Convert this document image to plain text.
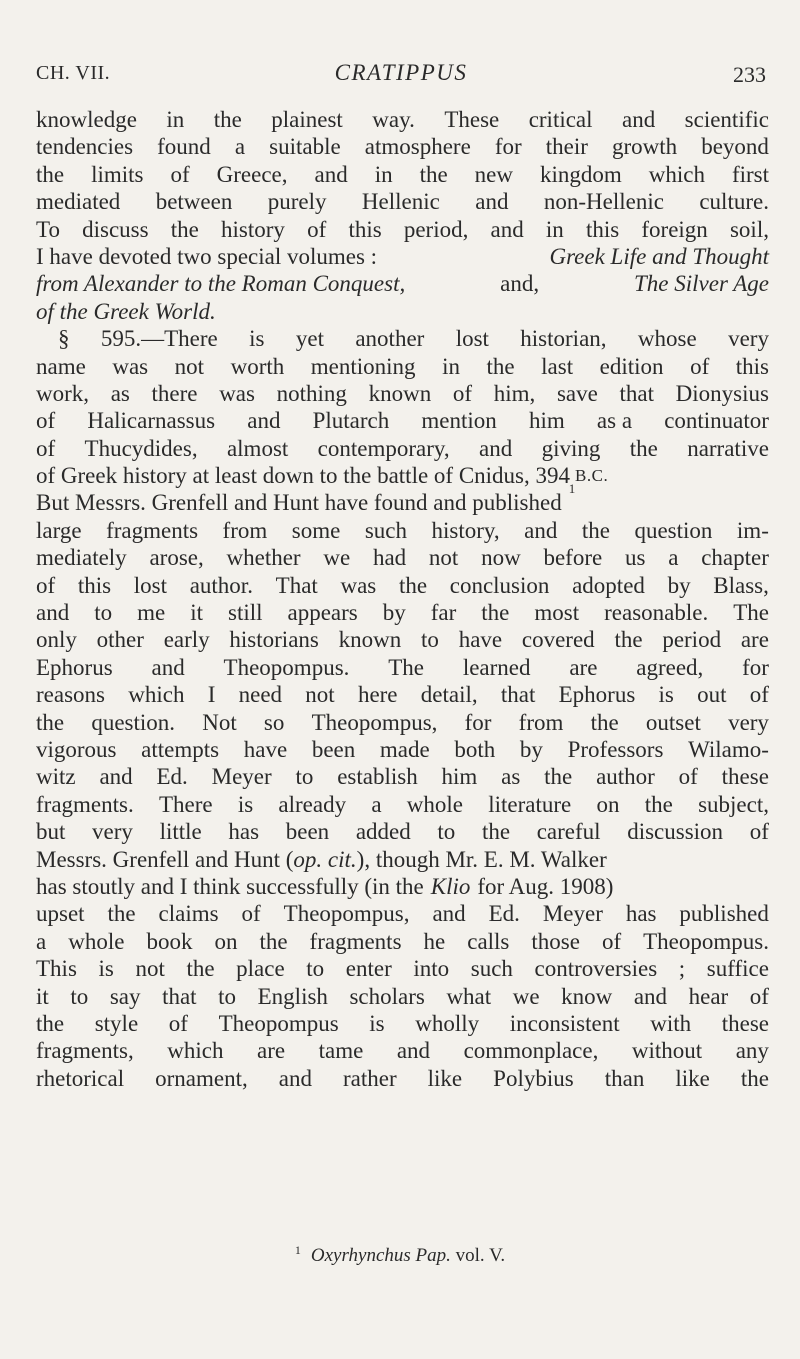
CH. VII.	CRATIPPUS	233
knowledge in the plainest way. These critical and scientific
tendencies found a suitable atmosphere for their growth beyond
the limits of Greece, and in the new kingdom which first
mediated between purely Hellenic and non-Hellenic culture.
To discuss the history of this period, and in this foreign soil,
I have devoted two special volumes :	Greek Life and Thought
from Alexander to the Roman Conquest,	and,	The Silver Age
of the Greek World.
§ 595.—There is yet another lost historian, whose very
name was not worth mentioning in the last edition of this
work, as there was nothing known of him, save that Dionysius
of Halicarnassus and Plutarch mention him as a continuator
of Thucydides, almost contemporary, and giving the narrative
of Greek history at least down to the battle of Cnidus, 394 B.C.
But Messrs. Grenfell and Hunt have found and published
1
large fragments from some such history, and the question im-
mediately arose, whether we had not now before us a chapter
of this lost author. That was the conclusion adopted by Blass,
and to me it still appears by far the most reasonable. The
only other early historians known to have covered the period are
Ephorus and Theopompus. The learned are agreed, for
reasons which I need not here detail, that Ephorus is out of
the question. Not so Theopompus, for from the outset very
vigorous attempts have been made both by Professors Wilamo-
witz and Ed. Meyer to establish him as the author of these
fragments. There is already a whole literature on the subject,
but very little has been added to the careful discussion of
Messrs. Grenfell and Hunt ( op. cit. ), though Mr. E. M. Walker
has stoutly and I think successfully (in the Klio for Aug. 1908)
upset the claims of Theopompus, and Ed. Meyer has published
a whole book on the fragments he calls those of Theopompus.
This is not the place to enter into such controversies ; suffice
it to say that to English scholars what we know and hear of
the style of Theopompus is wholly inconsistent with these
fragments, which are tame and commonplace, without any
rhetorical ornament, and rather like Polybius than like the
$^1$ Oxyrhynchus Pap. vol. V.
